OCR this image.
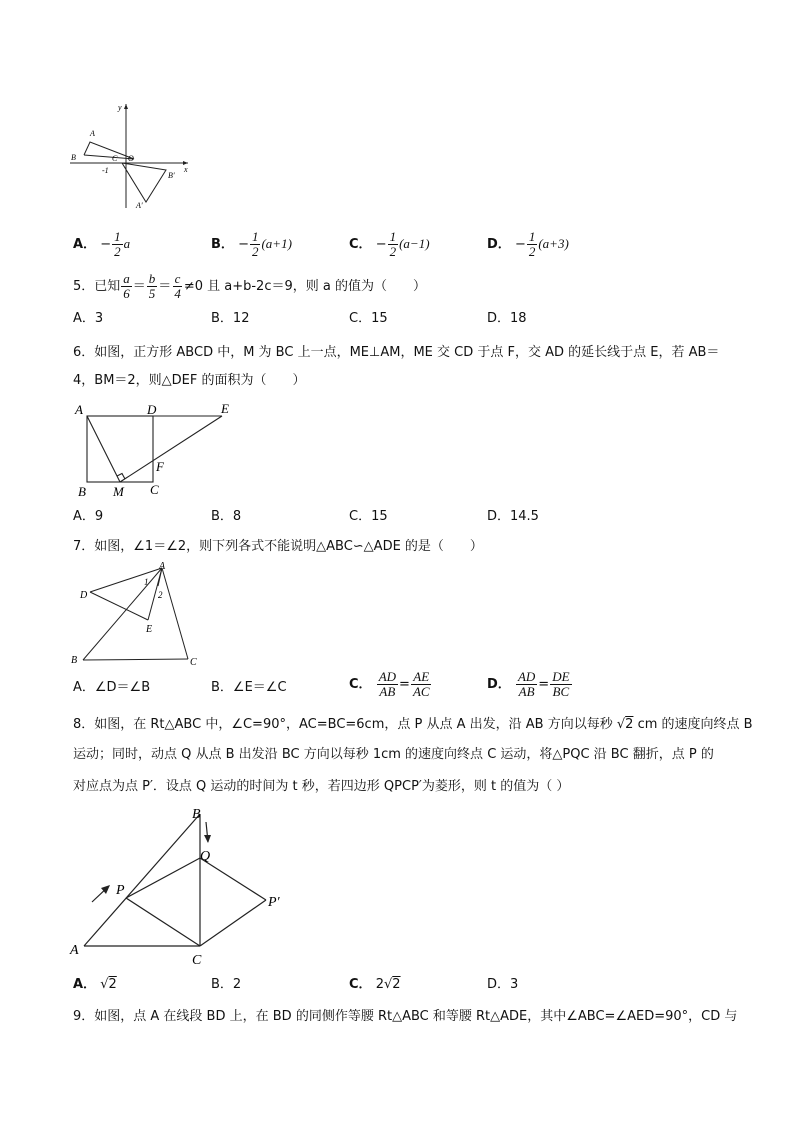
y
x
A
B	C O
-1
B′
A′
A． − $\frac{1}{2}$ a	B． − $\frac{1}{2} (a+1)$	C． − $\frac{1}{2} (a-1)$	D． − $\frac{1}{2} (a+3)$
5．已知 $\frac{a}{6} = \frac{b}{5} = \frac{c}{4} \ne 0$ 且 a+b-2c＝9，则 a 的值为（　　）
A．3	B．12	C．15	D．18
6．如图，正方形 ABCD 中，M 为 BC 上一点，ME⊥AM，ME 交 CD 于点 F，交 AD 的延长线于点 E，若 AB＝
4，BM＝2，则△DEF 的面积为（　　）
A	D	E
F
B M C
A．9	B．8	C．15	D．14.5
7．如图，∠1＝∠2，则下列各式不能说明△ABC∽△ADE 的是（　　）
A
D
1
2
E
B	C
A．∠D＝∠B	B．∠E＝∠C	C． $\frac{AD}{AB} = \frac{AE}{AC}$	D． $\frac{AD}{AB} = \frac{DE}{BC}$
8．如图，在 Rt△ABC 中，∠C=90°，AC=BC=6cm，点 P 从点 A 出发，沿 AB 方向以每秒 √2 cm 的速度向终点 B
运动；同时，动点 Q 从点 B 出发沿 BC 方向以每秒 1cm 的速度向终点 C 运动，将△PQC 沿 BC 翻折，点 P 的
对应点为点 P′．设点 Q 运动的时间为 t 秒，若四边形 QPCP′为菱形，则 t 的值为（ ）
B
Q
P
P′
A
C
A． √2	B．2	C． 2√2	D．3
9．如图，点 A 在线段 BD 上，在 BD 的同侧作等腰 Rt△ABC 和等腰 Rt△ADE，其中∠ABC=∠AED=90°，CD 与
